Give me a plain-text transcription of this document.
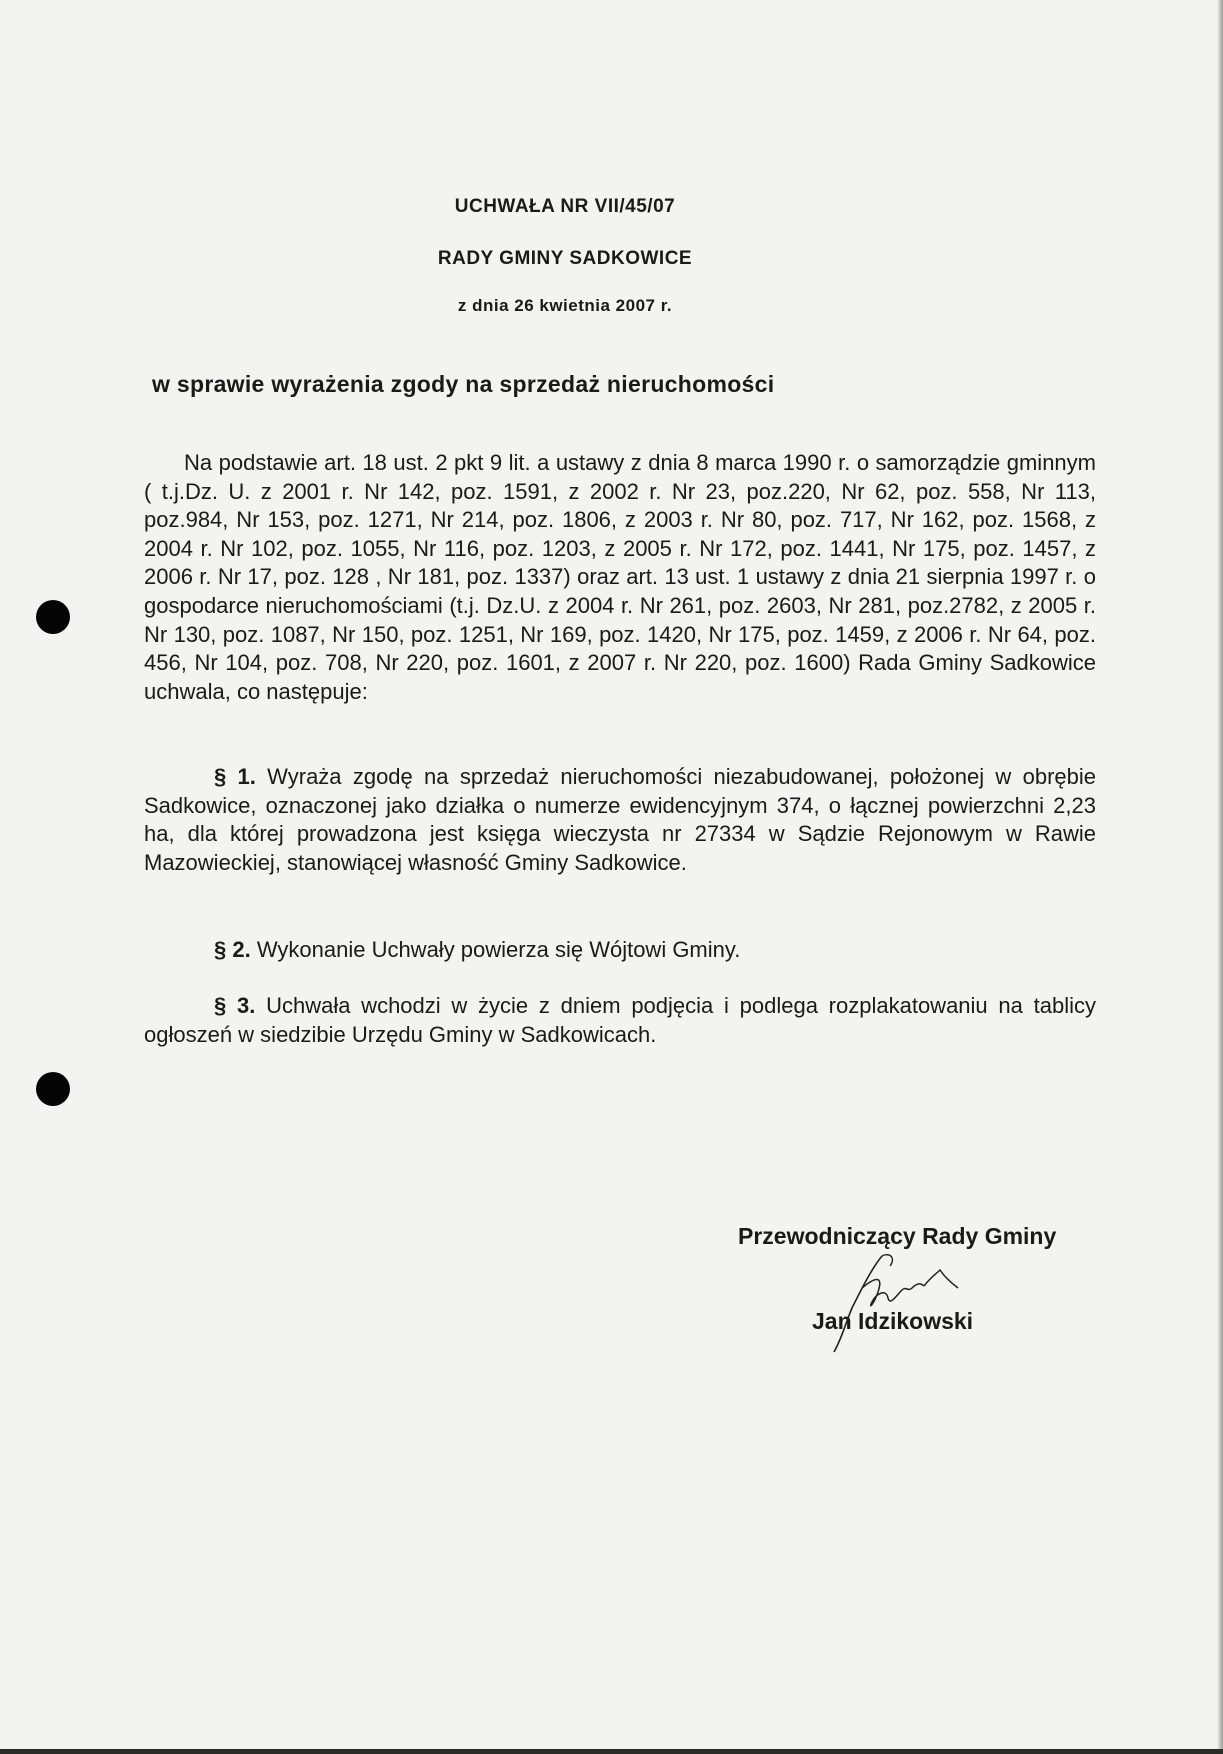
UCHWAŁA NR VII/45/07
RADY GMINY SADKOWICE
z dnia 26 kwietnia 2007 r.
w sprawie wyrażenia zgody na sprzedaż nieruchomości
Na podstawie art. 18 ust. 2 pkt 9 lit. a ustawy z dnia 8 marca 1990 r. o samorządzie gminnym ( t.j.Dz. U. z 2001 r. Nr 142, poz. 1591, z 2002 r. Nr 23, poz.220, Nr 62, poz. 558, Nr 113, poz.984, Nr 153, poz. 1271, Nr 214, poz. 1806, z 2003 r. Nr 80, poz. 717, Nr 162, poz. 1568, z 2004 r. Nr 102, poz. 1055, Nr 116, poz. 1203, z 2005 r. Nr 172, poz. 1441, Nr 175, poz. 1457, z 2006 r. Nr 17, poz. 128 , Nr 181, poz. 1337) oraz art. 13 ust. 1 ustawy z dnia 21 sierpnia 1997 r. o gospodarce nieruchomościami (t.j. Dz.U. z 2004 r. Nr 261, poz. 2603, Nr 281, poz.2782, z 2005 r. Nr 130, poz. 1087, Nr 150, poz. 1251, Nr 169, poz. 1420, Nr 175, poz. 1459, z 2006 r. Nr 64, poz. 456, Nr 104, poz. 708, Nr 220, poz. 1601, z 2007 r. Nr 220, poz. 1600) Rada Gminy Sadkowice uchwala, co następuje:
§ 1. Wyraża zgodę na sprzedaż nieruchomości niezabudowanej, położonej w obrębie Sadkowice, oznaczonej jako działka o numerze ewidencyjnym 374, o łącznej powierzchni 2,23 ha, dla której prowadzona jest księga wieczysta nr 27334 w Sądzie Rejonowym w Rawie Mazowieckiej, stanowiącej własność Gminy Sadkowice.
§ 2. Wykonanie Uchwały powierza się Wójtowi Gminy.
§ 3. Uchwała wchodzi w życie z dniem podjęcia i podlega rozplakatowaniu na tablicy ogłoszeń w siedzibie Urzędu Gminy w Sadkowicach.
Przewodniczący Rady Gminy
Jan Idzikowski
